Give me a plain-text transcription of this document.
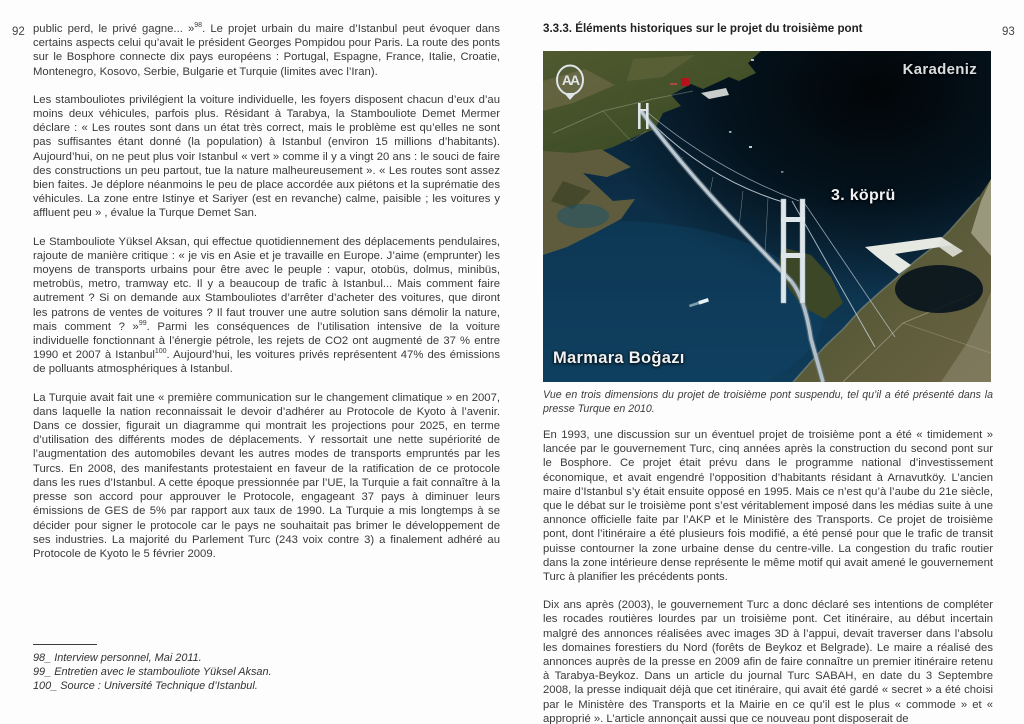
92	93

public perd, le privé gagne... »$^{98}$. Le projet urbain du maire d’Istanbul peut évoquer dans certains aspects celui qu’avait le président Georges Pompidou pour Paris. La route des ponts sur le Bosphore connecte dix pays européens : Portugal, Espagne, France, Italie, Croatie, Montenegro, Kosovo, Serbie, Bulgarie et Turquie (limites avec l’Iran).

Les stambouliotes privilégient la voiture individuelle, les foyers disposent chacun d’eux d’au moins deux véhicules, parfois plus. Résidant à Tarabya, la Stambouliote Demet Mermer déclare : « Les routes sont dans un état très correct, mais le problème est qu’elles ne sont pas suffisantes étant donné (la population) à Istanbul (environ 15 millions d’habitants). Aujourd’hui, on ne peut plus voir Istanbul « vert » comme il y a vingt 20 ans : le souci de faire des constructions un peu partout, tue la nature malheureusement ». « Les routes sont assez bien faites. Je déplore néanmoins le peu de place accordée aux piétons et la suprématie des véhicules. La zone entre Istinye et Sariyer (est en revanche) calme, paisible ; les voitures y affluent peu » , évalue la Turque Demet San.

Le Stambouliote Yüksel Aksan, qui effectue quotidiennement des déplacements pendulaires, rajoute de manière critique : « je vis en Asie et je travaille en Europe. J’aime (emprunter) les moyens de transports urbains pour être avec le peuple : vapur, otobüs, dolmus, minibüs, metrobüs, metro, tramway etc. Il y a beaucoup de trafic à Istanbul... Mais comment faire autrement ? Si on demande aux Stambouliotes d’arrêter d’acheter des voitures, que diront les patrons de ventes de voitures ? Il faut trouver une autre solution sans démolir la nature, mais comment ? »$^{99}$. Parmi les conséquences de l’utilisation intensive de la voiture individuelle fonctionnant à l’énergie pétrole, les rejets de CO2 ont augmenté de 37 % entre 1990 et 2007 à Istanbul$^{100}$. Aujourd’hui, les voitures privés représentent 47% des émissions de polluants atmosphériques à Istanbul.

La Turquie avait fait une « première communication sur le changement climatique » en 2007, dans laquelle la nation reconnaissait le devoir d’adhérer au Protocole de Kyoto à l’avenir. Dans ce dossier, figurait un diagramme qui montrait les projections pour 2025, en terme d’utilisation des différents modes de déplacements. Y ressortait une nette supériorité de l’augmentation des automobiles devant les autres modes de transports empruntés par les Turcs. En 2008, des manifestants protestaient en faveur de la ratification de ce protocole dans les rues d’Istanbul. A cette époque pressionnée par l’UE, la Turquie a fait connaître à la presse son accord pour approuver le Protocole, engageant 37 pays à diminuer leurs émissions de GES de 5% par rapport aux taux de 1990. La Turquie a mis longtemps à se décider pour signer le protocole car le pays ne souhaitait pas brimer le développement de ses industries. La majorité du Parlement Turc (243 voix contre 3) a finalement adhéré au Protocole de Kyoto le 5 février 2009.

98_ Interview personnel, Mai 2011.

99_ Entretien avec le stambouliote Yüksel Aksan.

100_ Source : Université Technique d’Istanbul.

3.3.3. Éléments historiques sur le projet du troisième pont
AA
Karadeniz
3. köprü
Marmara Boğazı

Vue en trois dimensions du projet de troisième pont suspendu, tel qu’il a été présenté dans la presse Turque en 2010.

En 1993, une discussion sur un éventuel projet de troisième pont a été « timidement » lancée par le gouvernement Turc, cinq années après la construction du second pont sur le Bosphore. Ce projet était prévu dans le programme national d’investissement économique, et avait engendré l’opposition d’habitants résidant à Arnavutköy. L’ancien maire d’Istanbul s’y était ensuite opposé en 1995. Mais ce n’est qu’à l’aube du 21e siècle, que le débat sur le troisième pont s’est véritablement imposé dans les médias suite à une annonce officielle faite par l’AKP et le Ministère des Transports. Ce projet de troisième pont, dont l’itinéraire a été plusieurs fois modifié, a été pensé pour que le trafic de transit puisse contourner la zone urbaine dense du centre-ville. La congestion du trafic routier dans la zone intérieure dense représente le même motif qui avait amené le gouvernement Turc à planifier les précédents ponts.

Dix ans après (2003), le gouvernement Turc a donc déclaré ses intentions de compléter les rocades routières lourdes par un troisième pont. Cet itinéraire, au début incertain malgré des annonces réalisées avec images 3D à l’appui, devait traverser dans l’absolu les domaines forestiers du Nord (forêts de Beykoz et Belgrade). Le maire a réalisé des annonces auprès de la presse en 2009 afin de faire connaître un premier itinéraire retenu à Tarabya-Beykoz. Dans un article du journal Turc SABAH, en date du 3 Septembre 2008, la presse indiquait déjà que cet itinéraire, qui avait été gardé « secret » a été choisi par le Ministère des Transports et la Mairie en ce qu’il est le plus « commode » et « approprié ». L’article annonçait aussi que ce nouveau pont disposerait de
